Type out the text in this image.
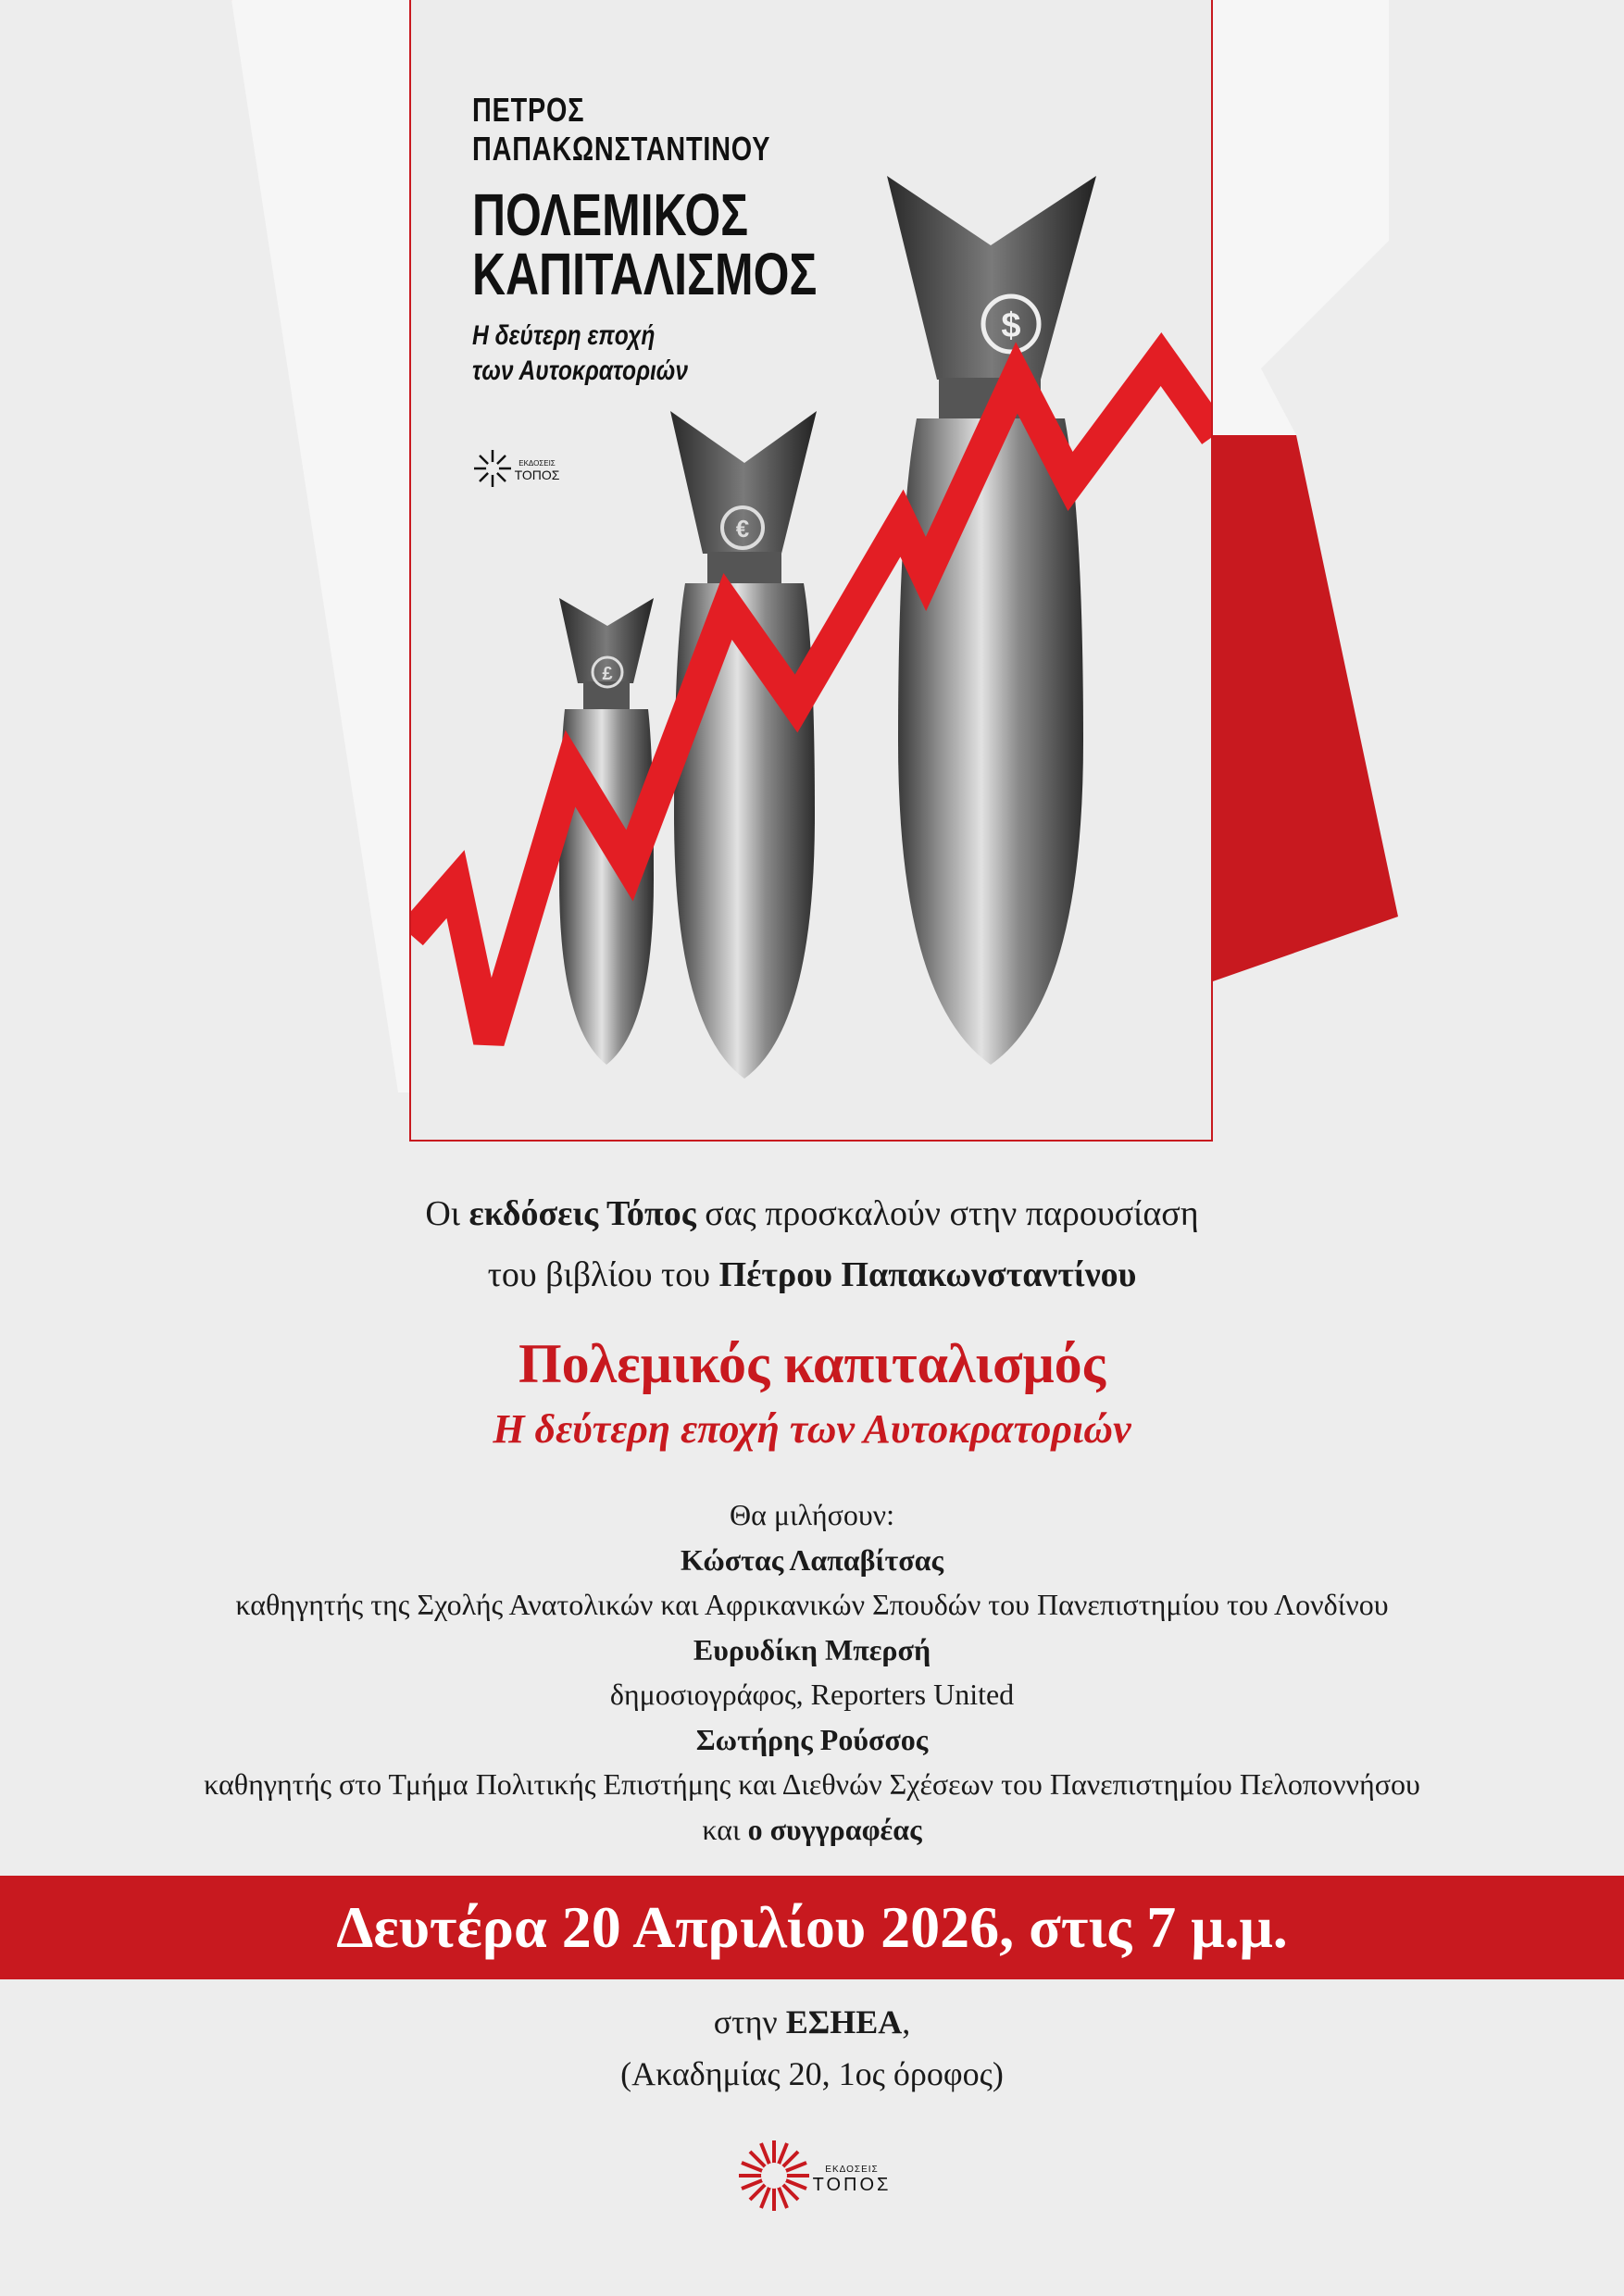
£
€
$
ΠΕΤΡΟΣ
ΠΑΠΑΚΩΝΣΤΑΝΤΙΝΟΥ
ΠΟΛΕΜΙΚΟΣ
ΚΑΠΙΤΑΛΙΣΜΟΣ
Η δεύτερη εποχή
των Αυτοκρατοριών
ΕΚΔΟΣΕΙΣ
ΤΟΠΟΣ
Οι εκδόσεις Τόπος σας προσκαλούν στην παρουσίαση
του βιβλίου του Πέτρου Παπακωνσταντίνου
Πολεμικός καπιταλισμός
Η δεύτερη εποχή των Αυτοκρατοριών
Θα μιλήσουν:
Κώστας Λαπαβίτσας
καθηγητής της Σχολής Ανατολικών και Αφρικανικών Σπουδών του Πανεπιστημίου του Λονδίνου
Ευρυδίκη Μπερσή
δημοσιογράφος, Reporters United
Σωτήρης Ρούσσος
καθηγητής στο Τμήμα Πολιτικής Επιστήμης και Διεθνών Σχέσεων του Πανεπιστημίου Πελοποννήσου
και ο συγγραφέας
Δευτέρα 20 Απριλίου 2026, στις 7 μ.μ.
στην ΕΣΗΕΑ,
(Ακαδημίας 20, 1ος όροφος)
ΕΚΔΟΣΕΙΣ
ΤΟΠΟΣ
